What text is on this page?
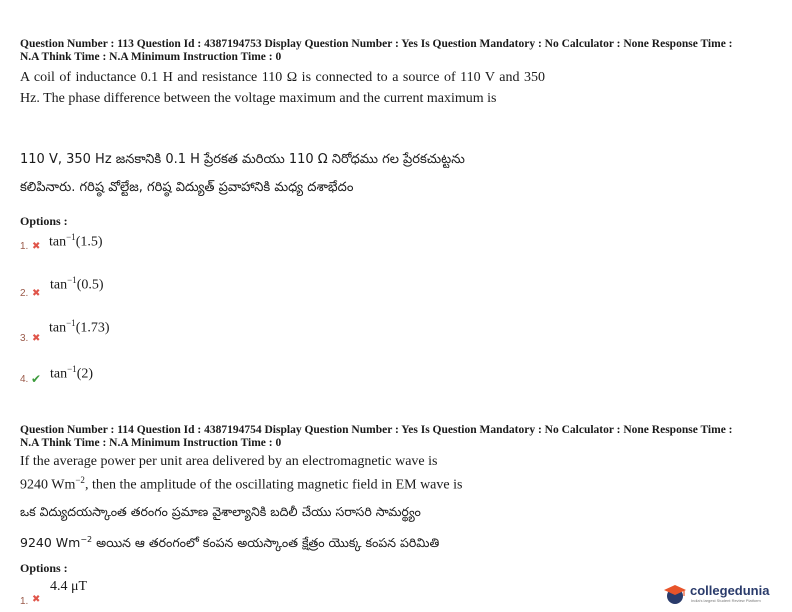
Question Number : 113 Question Id : 4387194753 Display Question Number : Yes Is Question Mandatory : No Calculator : None Response Time :
N.A Think Time : N.A Minimum Instruction Time : 0
A coil of inductance 0.1 H and resistance 110 Ω is connected to a source of 110 V and 350 Hz. The phase difference between the voltage maximum and the current maximum is
110 V, 350 Hz జనకానికి 0.1 H ప్రేరకత మరియు 110 Ω నిరోధము గల ప్రేరకచుట్టను
కలిపినారు. గరిష్ఠ వోల్టేజ, గరిష్ఠ విద్యుత్ ప్రవాహానికి మధ్య దశాభేదం
Options :
1. ✖ $\tan^{-1}(1.5)$
2. ✖
$\tan^{-1}(0.5)$
3. ✖
$\tan^{-1}(1.73)$
4. ✔ $\tan^{-1}(2)$
Question Number : 114 Question Id : 4387194754 Display Question Number : Yes Is Question Mandatory : No Calculator : None Response Time :
N.A Think Time : N.A Minimum Instruction Time : 0
If the average power per unit area delivered by an electromagnetic wave is
9240 $Wm^{-2}$, then the amplitude of the oscillating magnetic field in EM wave is
ఒక విద్యుదయస్కాంత తరంగం ప్రమాణ వైశాల్యానికి బదిలీ చేయు సరాసరి సామర్థ్యం
9240 $Wm^{-2}$ అయిన ఆ తరంగంలో కంపన అయస్కాంత క్షేత్రం యొక్క కంపన పరిమితి
Options :
1. ✖
4.4 μT	collegedunia
India's largest Student Review Platform
